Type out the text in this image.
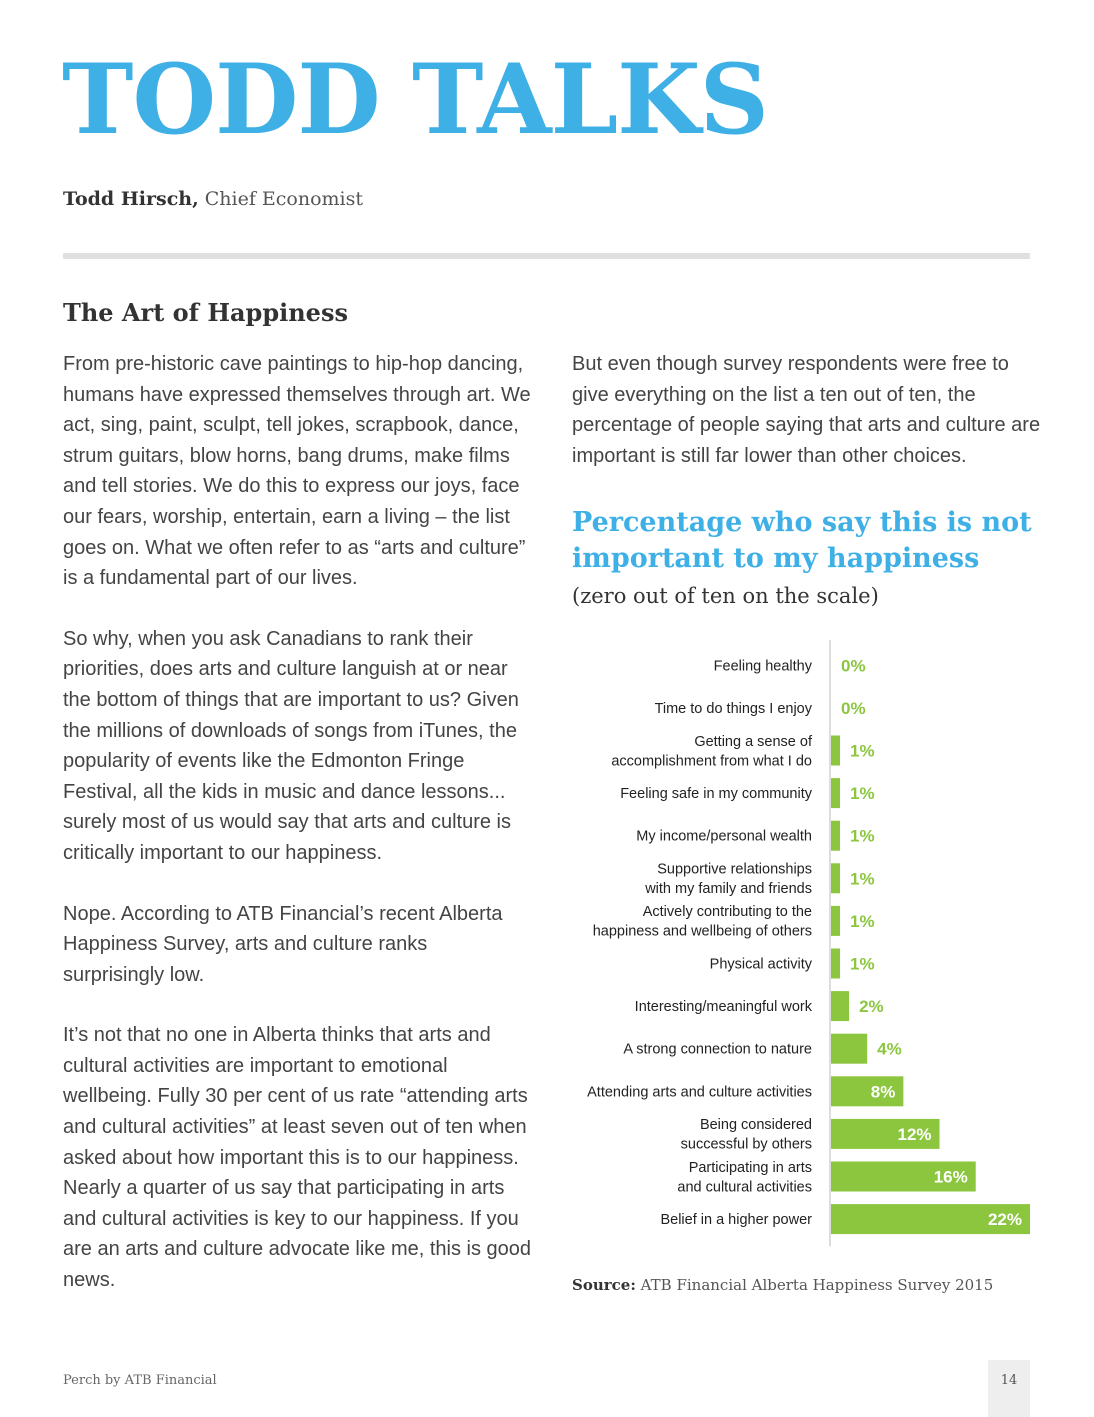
TODD TALKS
Todd Hirsch, Chief Economist
The Art of Happiness

From pre-historic cave paintings to hip-hop dancing, humans have expressed themselves through art. We act, sing, paint, sculpt, tell jokes, scrapbook, dance, strum guitars, blow horns, bang drums, make films and tell stories. We do this to express our joys, face our fears, worship, entertain, earn a living – the list goes on. What we often refer to as “arts and culture” is a fundamental part of our lives.

So why, when you ask Canadians to rank their priorities, does arts and culture languish at or near the bottom of things that are important to us? Given the millions of downloads of songs from iTunes, the popularity of events like the Edmonton Fringe Festival, all the kids in music and dance lessons... surely most of us would say that arts and culture is critically important to our happiness.

Nope. According to ATB Financial’s recent Alberta Happiness Survey, arts and culture ranks surprisingly low.

It’s not that no one in Alberta thinks that arts and cultural activities are important to emotional wellbeing. Fully 30 per cent of us rate “attending arts and cultural activities” at least seven out of ten when asked about how important this is to our happiness. Nearly a quarter of us say that participating in arts and cultural activities is key to our happiness. If you are an arts and culture advocate like me, this is good news.

But even though survey respondents were free to give everything on the list a ten out of ten, the percentage of people saying that arts and culture are important is still far lower than other choices.

Percentage who say this is not important to my happiness
(zero out of ten on the scale)
0%
Feeling healthy
0%
Time to do things I enjoy
1%
Getting a sense of accomplishment from what I do
1%
Feeling safe in my community
1%
My income/personal wealth
1%
Supportive relationships with my family and friends
1%
Actively contributing to the happiness and wellbeing of others
1%
Physical activity
2%
Interesting/meaningful work
4%
A strong connection to nature
8%
Attending arts and culture activities
12%
Being considered successful by others
16%
Participating in arts and cultural activities
22%
Belief in a higher power
Source: ATB Financial Alberta Happiness Survey 2015
Perch by ATB Financial	14
